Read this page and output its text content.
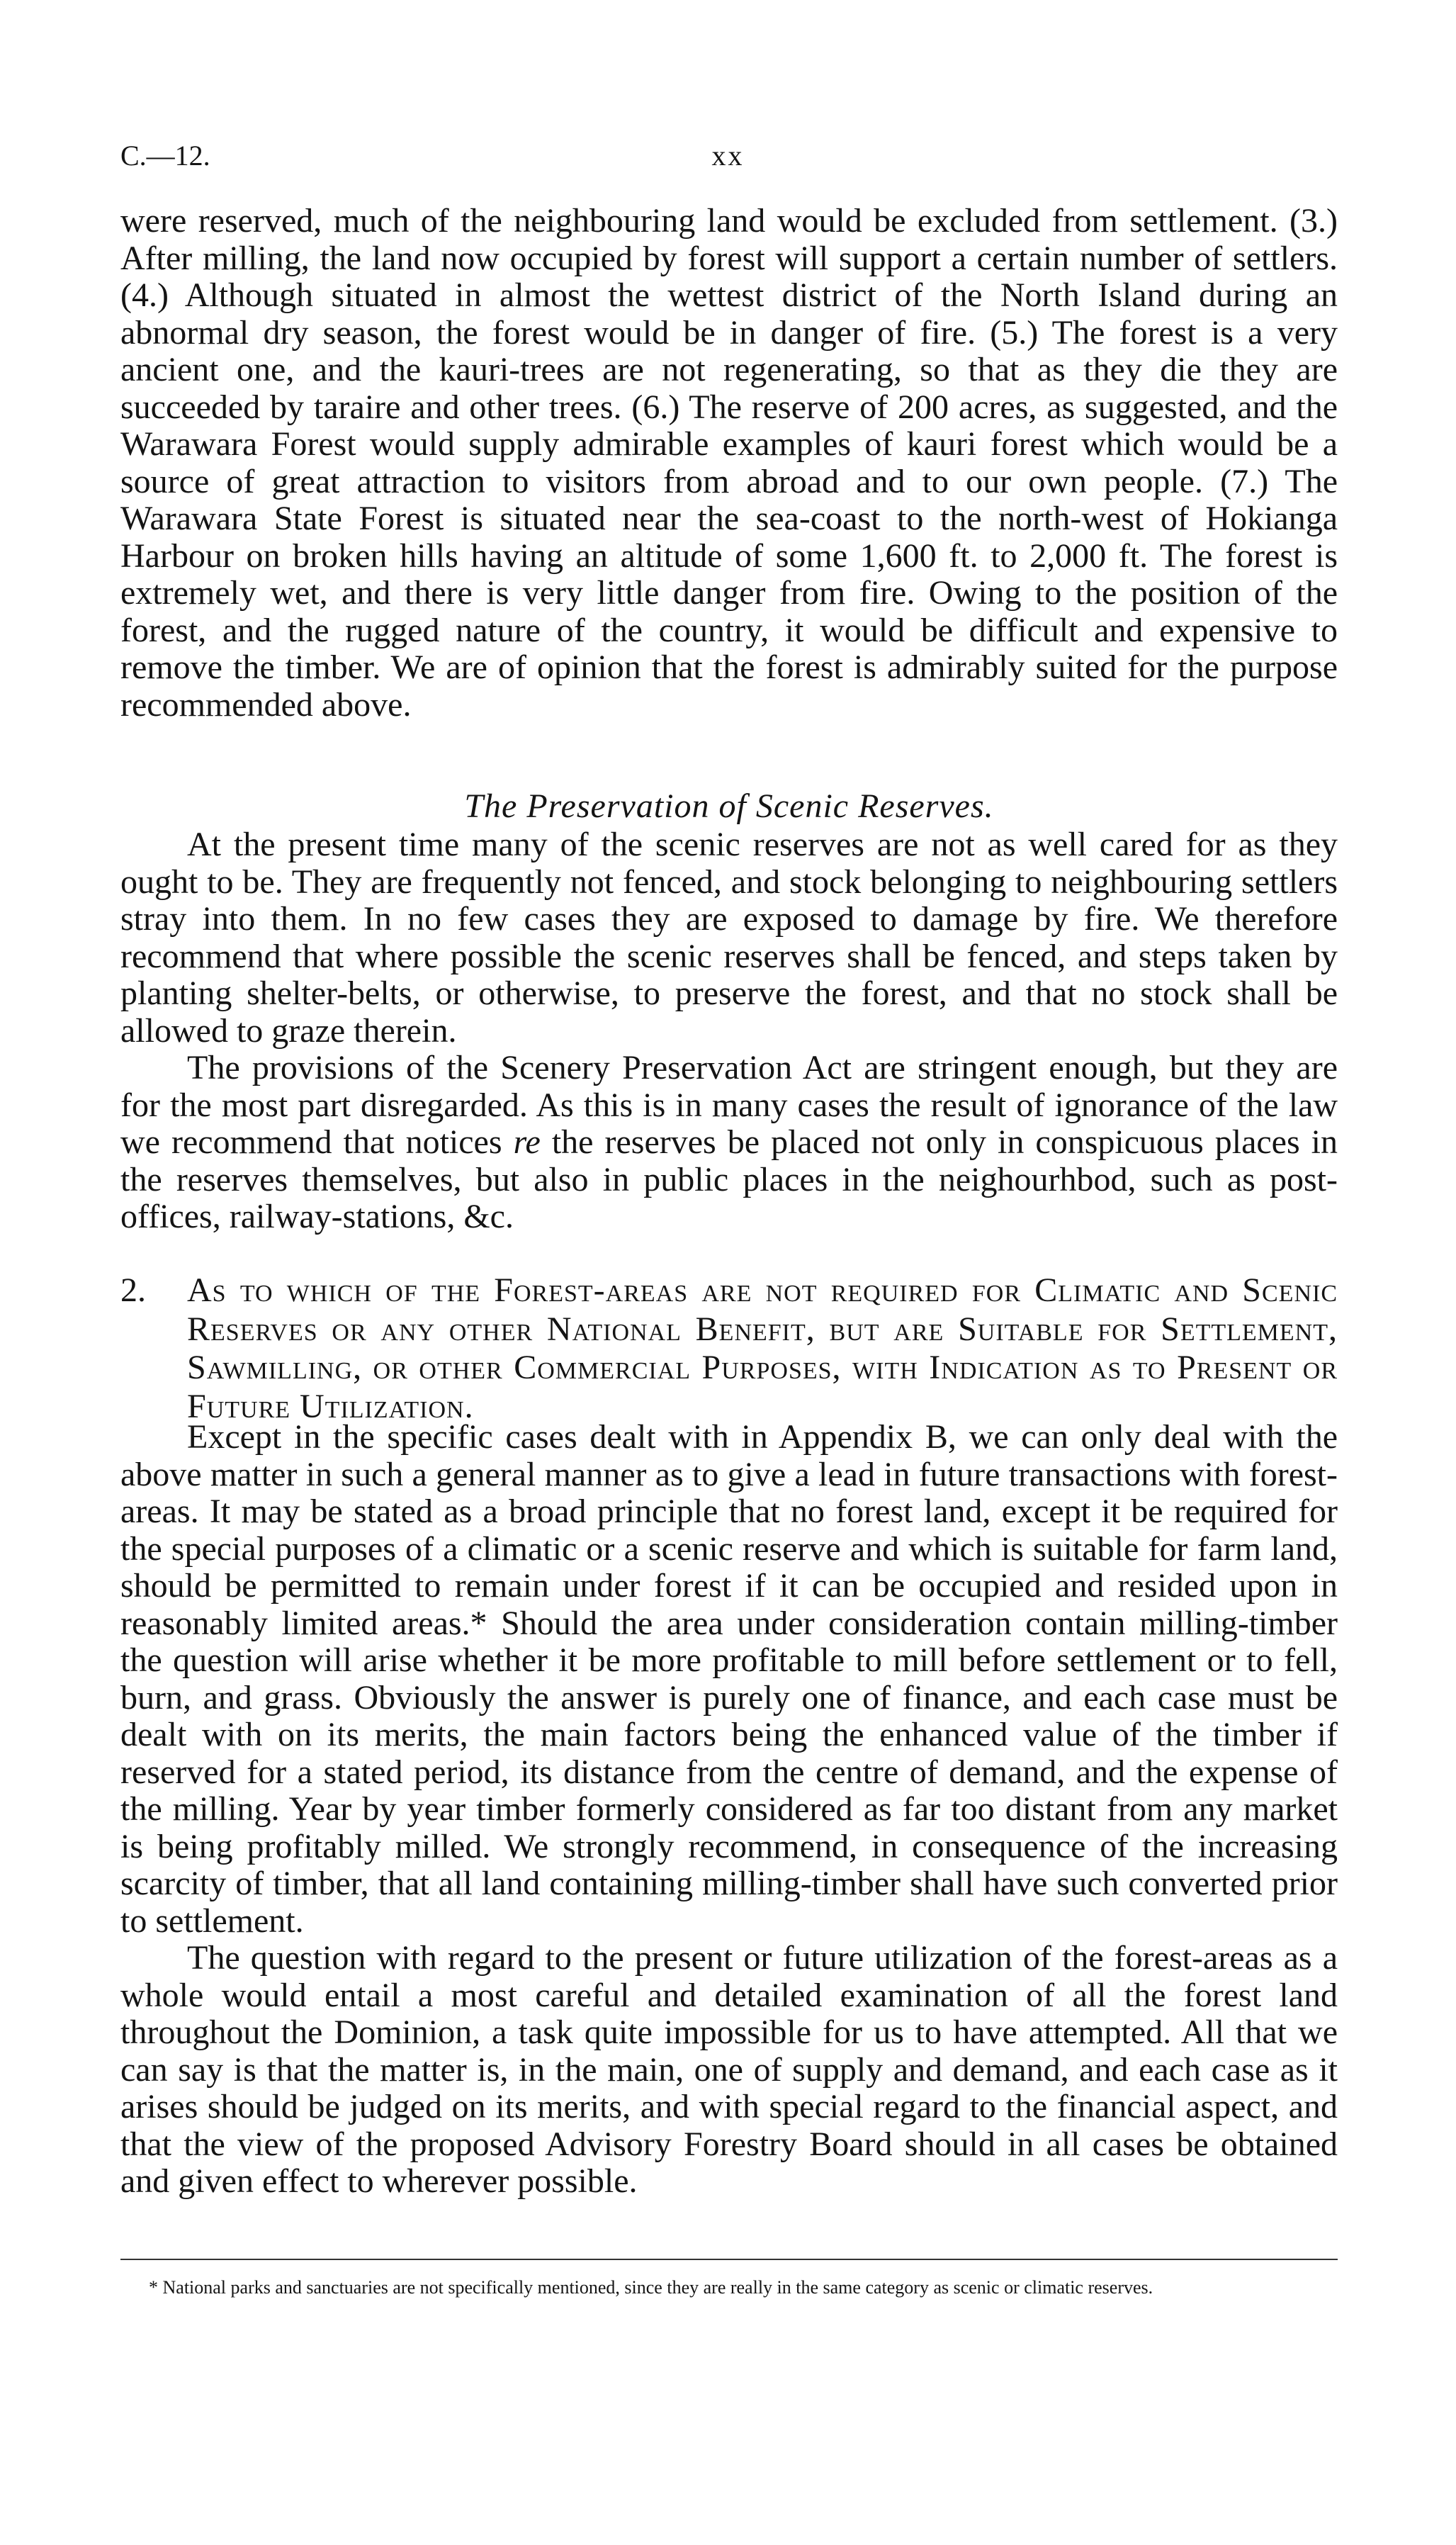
C.—12.	xx

were reserved, much of the neighbouring land would be excluded from settlement. (3.) After milling, the land now occupied by forest will support a certain number of settlers. (4.) Although situated in almost the wettest district of the North Island during an abnormal dry season, the forest would be in danger of fire. (5.) The forest is a very ancient one, and the kauri-trees are not regenerating, so that as they die they are succeeded by taraire and other trees. (6.) The reserve of 200 acres, as suggested, and the Warawara Forest would supply admirable examples of kauri forest which would be a source of great attraction to visitors from abroad and to our own people. (7.) The Warawara State Forest is situated near the sea-coast to the north-west of Hokianga Harbour on broken hills having an altitude of some 1,600 ft. to 2,000 ft. The forest is extremely wet, and there is very little danger from fire. Owing to the position of the forest, and the rugged nature of the country, it would be difficult and expensive to remove the timber. We are of opinion that the forest is admirably suited for the purpose recommended above.

The Preservation of Scenic Reserves.

At the present time many of the scenic reserves are not as well cared for as they ought to be. They are frequently not fenced, and stock belonging to neighbouring settlers stray into them. In no few cases they are exposed to damage by fire. We therefore recommend that where possible the scenic reserves shall be fenced, and steps taken by planting shelter-belts, or otherwise, to preserve the forest, and that no stock shall be allowed to graze therein.

The provisions of the Scenery Preservation Act are stringent enough, but they are for the most part disregarded. As this is in many cases the result of ignorance of the law we recommend that notices re the reserves be placed not only in conspicuous places in the reserves themselves, but also in public places in the neighourhbod, such as post-offices, railway-stations, &c.

2. As to which of the Forest-areas are not required for Climatic and Scenic Reserves or any other National Benefit, but are Suitable for Settlement, Sawmilling, or other Commercial Purposes, with Indication as to Present or Future Utilization.

Except in the specific cases dealt with in Appendix B, we can only deal with the above matter in such a general manner as to give a lead in future transactions with forest-areas. It may be stated as a broad principle that no forest land, except it be required for the special purposes of a climatic or a scenic reserve and which is suitable for farm land, should be permitted to remain under forest if it can be occupied and resided upon in reasonably limited areas.* Should the area under consideration contain milling-timber the question will arise whether it be more profitable to mill before settlement or to fell, burn, and grass. Obviously the answer is purely one of finance, and each case must be dealt with on its merits, the main factors being the enhanced value of the timber if reserved for a stated period, its distance from the centre of demand, and the expense of the milling. Year by year timber formerly considered as far too distant from any market is being profitably milled. We strongly recommend, in consequence of the increasing scarcity of timber, that all land containing milling-timber shall have such converted prior to settlement.

The question with regard to the present or future utilization of the forest-areas as a whole would entail a most careful and detailed examination of all the forest land throughout the Dominion, a task quite impossible for us to have attempted. All that we can say is that the matter is, in the main, one of supply and demand, and each case as it arises should be judged on its merits, and with special regard to the financial aspect, and that the view of the proposed Advisory Forestry Board should in all cases be obtained and given effect to wherever possible.

* National parks and sanctuaries are not specifically mentioned, since they are really in the same category as scenic or climatic reserves.
